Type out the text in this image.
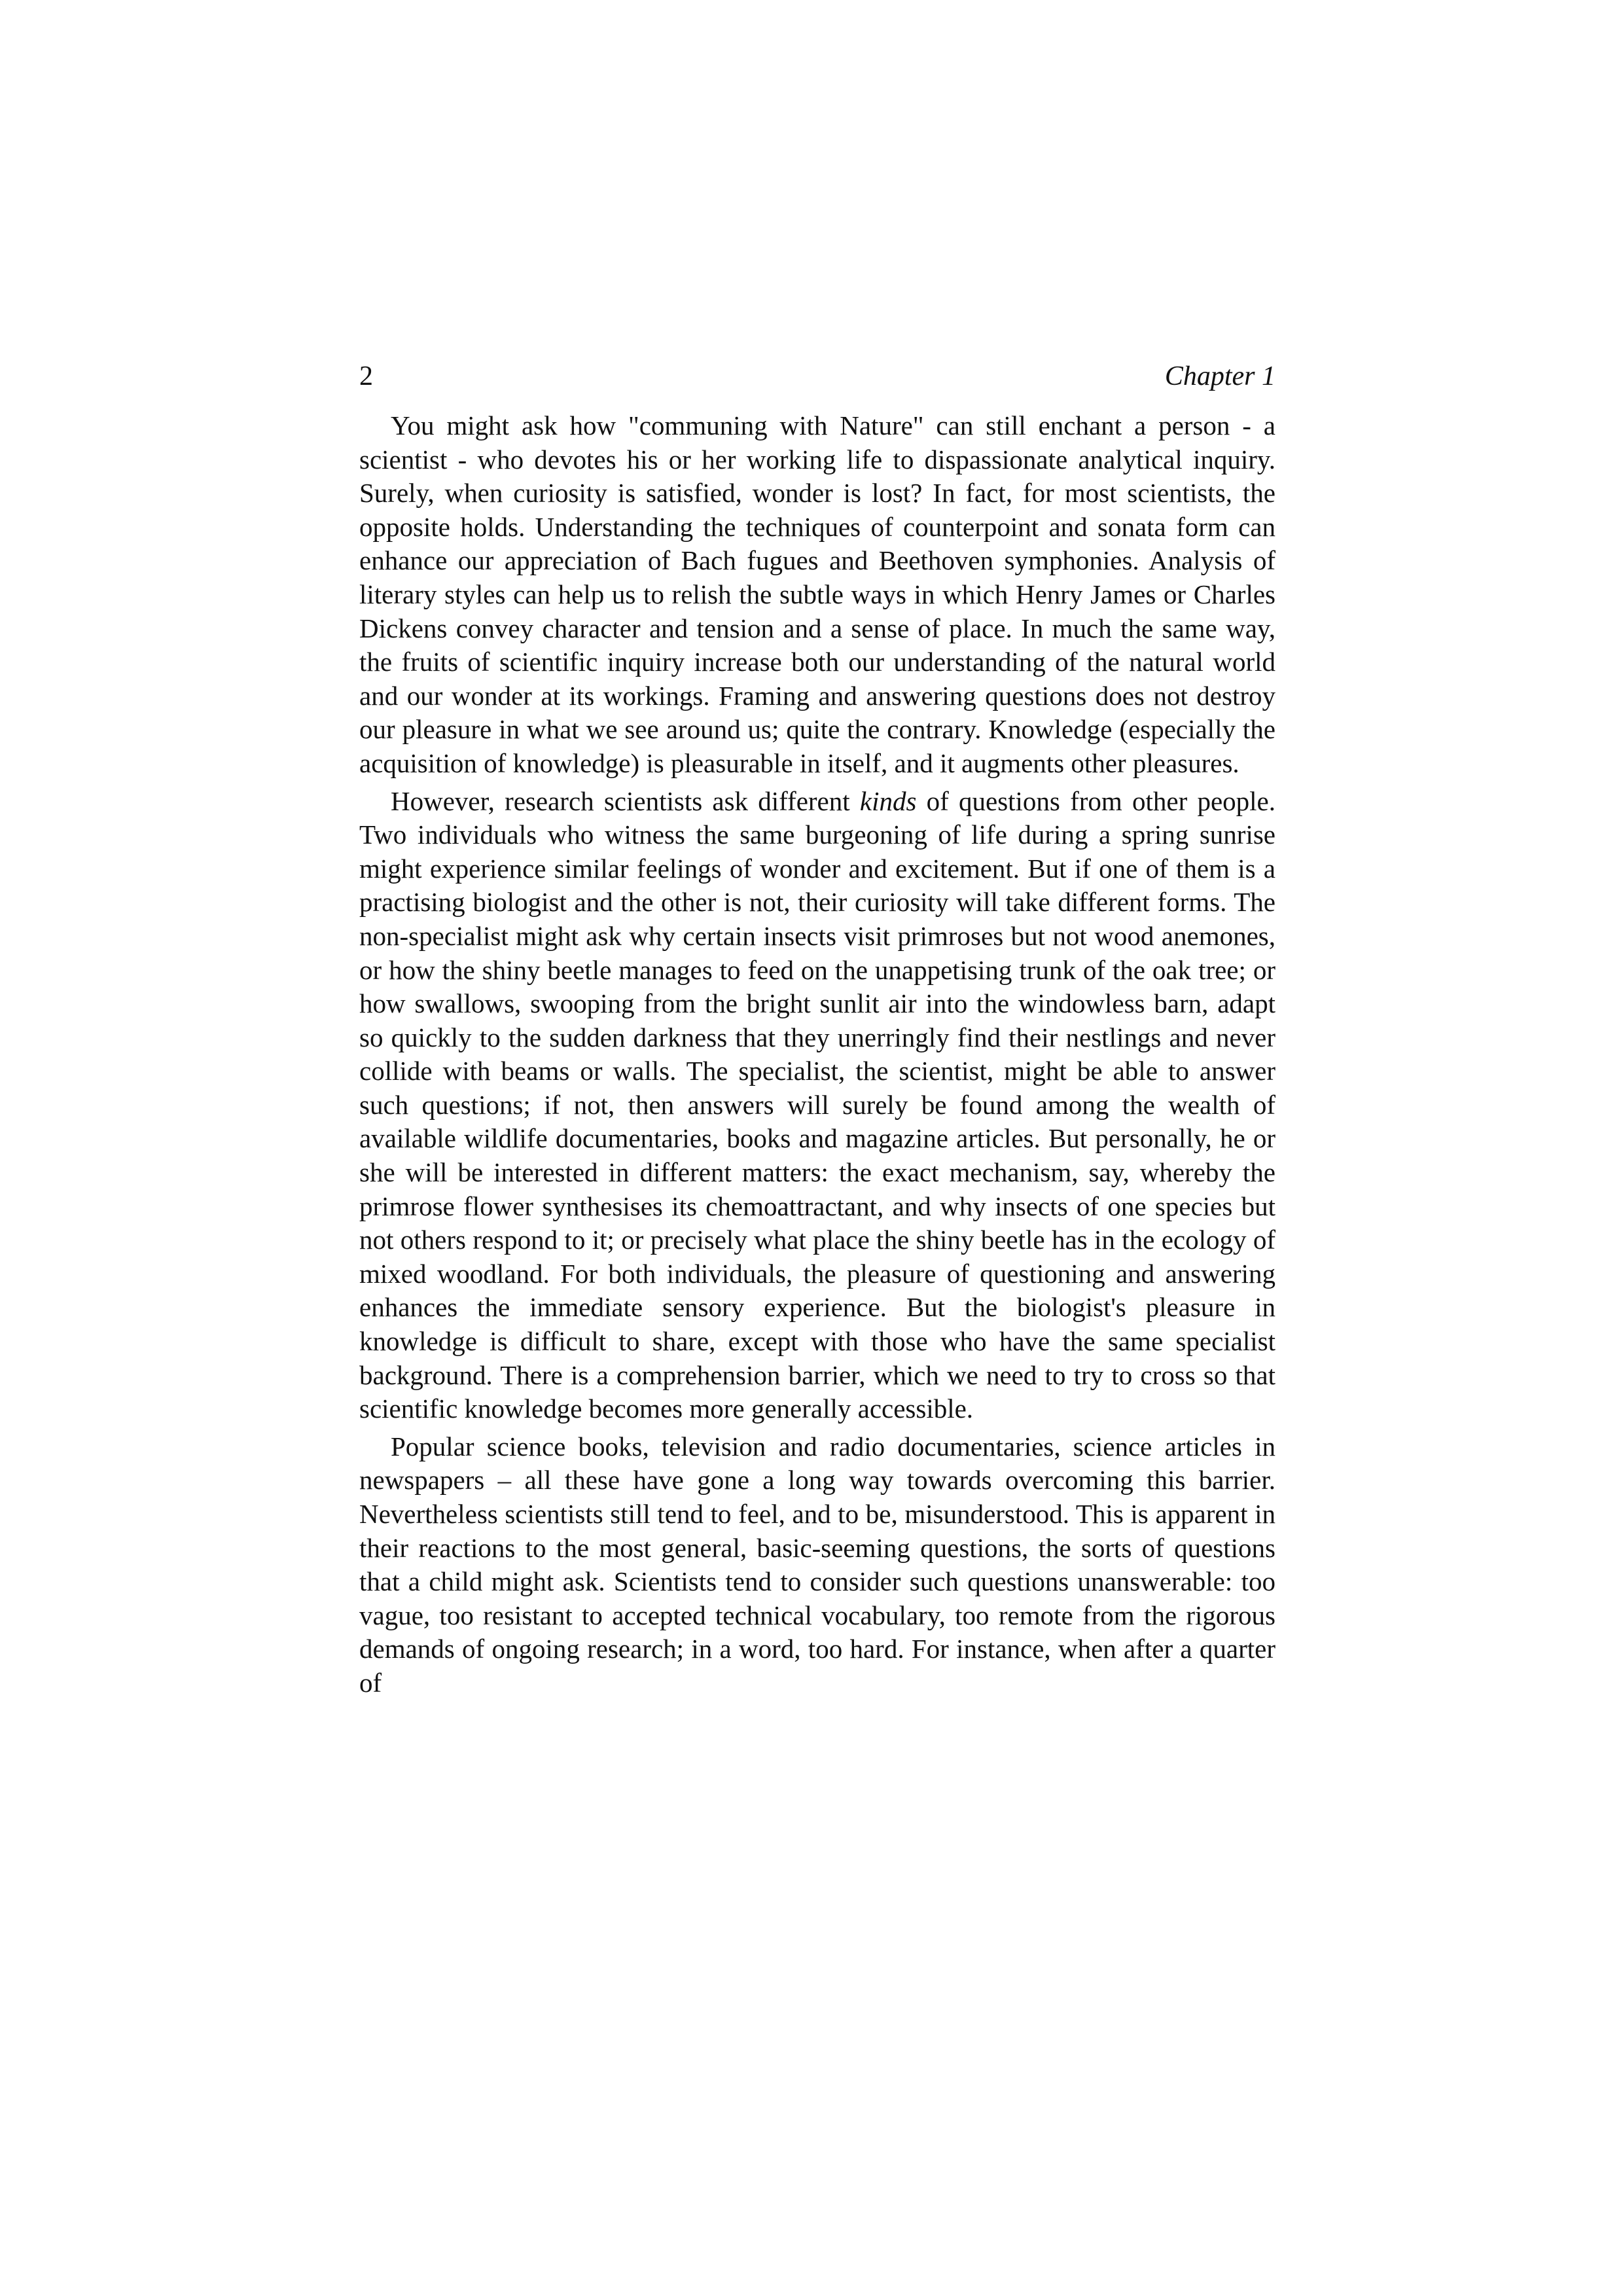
2	Chapter 1

You might ask how "communing with Nature" can still enchant a person - a scientist - who devotes his or her working life to dispassionate analytical inquiry. Surely, when curiosity is satisfied, wonder is lost? In fact, for most scientists, the opposite holds. Understanding the techniques of counterpoint and sonata form can enhance our appreciation of Bach fugues and Beethoven symphonies. Analysis of literary styles can help us to relish the subtle ways in which Henry James or Charles Dickens convey character and tension and a sense of place. In much the same way, the fruits of scientific inquiry increase both our understanding of the natural world and our wonder at its workings. Framing and answering questions does not destroy our pleasure in what we see around us; quite the contrary. Knowledge (especially the acquisition of knowledge) is pleasurable in itself, and it augments other pleasures.

However, research scientists ask different kinds of questions from other people. Two individuals who witness the same burgeoning of life during a spring sunrise might experience similar feelings of wonder and excitement. But if one of them is a practising biologist and the other is not, their curiosity will take different forms. The non-specialist might ask why certain insects visit primroses but not wood anemones, or how the shiny beetle manages to feed on the unappetising trunk of the oak tree; or how swallows, swooping from the bright sunlit air into the windowless barn, adapt so quickly to the sudden darkness that they unerringly find their nestlings and never collide with beams or walls. The specialist, the scientist, might be able to answer such questions; if not, then answers will surely be found among the wealth of available wildlife documentaries, books and magazine articles. But personally, he or she will be interested in different matters: the exact mechanism, say, whereby the primrose flower synthesises its chemoattractant, and why insects of one species but not others respond to it; or precisely what place the shiny beetle has in the ecology of mixed woodland. For both individuals, the pleasure of questioning and answering enhances the immediate sensory experience. But the biologist's pleasure in knowledge is difficult to share, except with those who have the same specialist background. There is a comprehension barrier, which we need to try to cross so that scientific knowledge becomes more generally accessible.

Popular science books, television and radio documentaries, science articles in newspapers – all these have gone a long way towards overcoming this barrier. Nevertheless scientists still tend to feel, and to be, misunderstood. This is apparent in their reactions to the most general, basic-seeming questions, the sorts of questions that a child might ask. Scientists tend to consider such questions unanswerable: too vague, too resistant to accepted technical vocabulary, too remote from the rigorous demands of ongoing research; in a word, too hard. For instance, when after a quarter of
